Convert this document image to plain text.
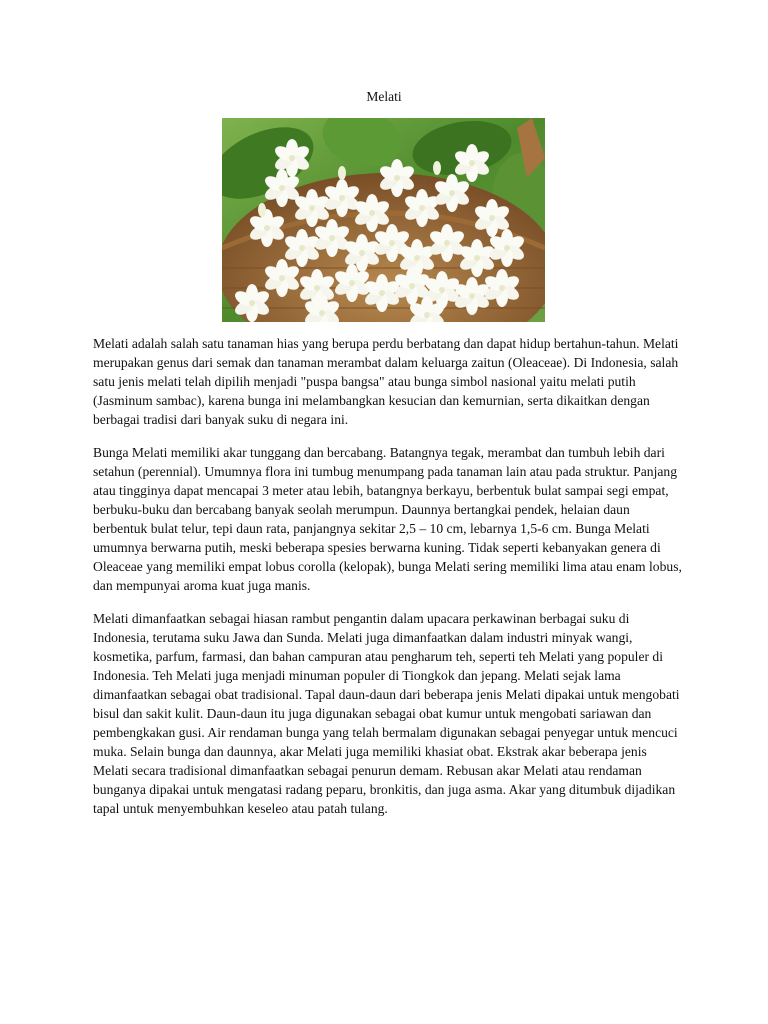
Melati

Melati adalah salah satu tanaman hias yang berupa perdu berbatang dan dapat hidup bertahun-tahun. Melati merupakan genus dari semak dan tanaman merambat dalam keluarga zaitun (Oleaceae). Di Indonesia, salah satu jenis melati telah dipilih menjadi "puspa bangsa" atau bunga simbol nasional yaitu melati putih (Jasminum sambac), karena bunga ini melambangkan kesucian dan kemurnian, serta dikaitkan dengan berbagai tradisi dari banyak suku di negara ini.

Bunga Melati memiliki akar tunggang dan bercabang. Batangnya tegak, merambat dan tumbuh lebih dari setahun (perennial). Umumnya flora ini tumbug menumpang pada tanaman lain atau pada struktur. Panjang atau tingginya dapat mencapai 3 meter atau lebih, batangnya berkayu, berbentuk bulat sampai segi empat, berbuku-buku dan bercabang banyak seolah merumpun. Daunnya bertangkai pendek, helaian daun berbentuk bulat telur, tepi daun rata, panjangnya sekitar 2,5 – 10 cm, lebarnya 1,5-6 cm. Bunga Melati umumnya berwarna putih, meski beberapa spesies berwarna kuning. Tidak seperti kebanyakan genera di Oleaceae yang memiliki empat lobus corolla (kelopak), bunga Melati sering memiliki lima atau enam lobus, dan mempunyai aroma kuat juga manis.

Melati dimanfaatkan sebagai hiasan rambut pengantin dalam upacara perkawinan berbagai suku di Indonesia, terutama suku Jawa dan Sunda. Melati juga dimanfaatkan dalam industri minyak wangi, kosmetika, parfum, farmasi, dan bahan campuran atau pengharum teh, seperti teh Melati yang populer di Indonesia. Teh Melati juga menjadi minuman populer di Tiongkok dan jepang. Melati sejak lama dimanfaatkan sebagai obat tradisional. Tapal daun-daun dari beberapa jenis Melati dipakai untuk mengobati bisul dan sakit kulit. Daun-daun itu juga digunakan sebagai obat kumur untuk mengobati sariawan dan pembengkakan gusi. Air rendaman bunga yang telah bermalam digunakan sebagai penyegar untuk mencuci muka. Selain bunga dan daunnya, akar Melati juga memiliki khasiat obat. Ekstrak akar beberapa jenis Melati secara tradisional dimanfaatkan sebagai penurun demam. Rebusan akar Melati atau rendaman bunganya dipakai untuk mengatasi radang peparu, bronkitis, dan juga asma. Akar yang ditumbuk dijadikan tapal untuk menyembuhkan keseleo atau patah tulang.
